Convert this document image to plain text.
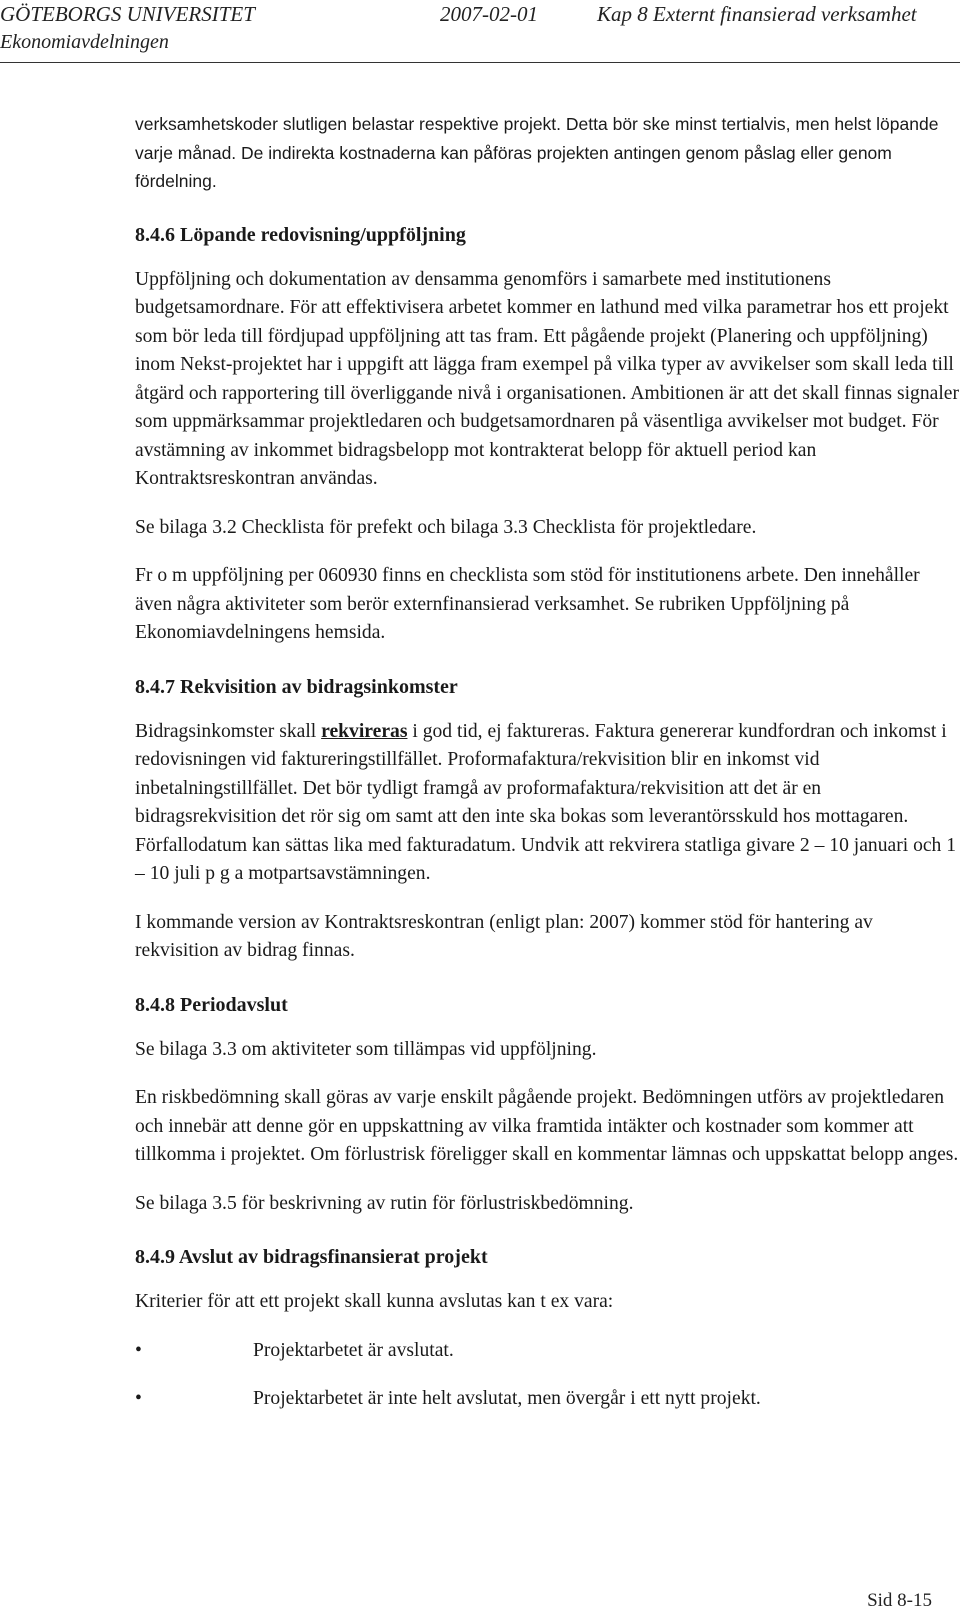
GÖTEBORGS UNIVERSITET	2007-02-01	Kap 8 Externt finansierad verksamhet
Ekonomiavdelningen

verksamhetskoder slutligen belastar respektive projekt. Detta bör ske minst tertialvis, men helst löpande varje månad. De indirekta kostnaderna kan påföras projekten antingen genom påslag eller genom fördelning.

8.4.6 Löpande redovisning/uppföljning

Uppföljning och dokumentation av densamma genomförs i samarbete med institutionens budgetsamordnare. För att effektivisera arbetet kommer en lathund med vilka parametrar hos ett projekt som bör leda till fördjupad uppföljning att tas fram. Ett pågående projekt (Planering och uppföljning) inom Nekst-projektet har i uppgift att lägga fram exempel på vilka typer av avvikelser som skall leda till åtgärd och rapportering till överliggande nivå i organisationen. Ambitionen är att det skall finnas signaler som uppmärksammar projektledaren och budgetsamordnaren på väsentliga avvikelser mot budget. För avstämning av inkommet bidragsbelopp mot kontrakterat belopp för aktuell period kan Kontraktsreskontran användas.

Se bilaga 3.2 Checklista för prefekt och bilaga 3.3 Checklista för projektledare.

Fr o m uppföljning per 060930 finns en checklista som stöd för institutionens arbete. Den innehåller även några aktiviteter som berör externfinansierad verksamhet. Se rubriken Uppföljning på Ekonomiavdelningens hemsida.

8.4.7 Rekvisition av bidragsinkomster

Bidragsinkomster skall rekvireras i god tid, ej faktureras. Faktura genererar kundfordran och inkomst i redovisningen vid faktureringstillfället. Proformafaktura/rekvisition blir en inkomst vid inbetalningstillfället. Det bör tydligt framgå av proformafaktura/rekvisition att det är en bidragsrekvisition det rör sig om samt att den inte ska bokas som leverantörsskuld hos mottagaren. Förfallodatum kan sättas lika med fakturadatum. Undvik att rekvirera statliga givare 2 – 10 januari och 1 – 10 juli p g a motpartsavstämningen.

I kommande version av Kontraktsreskontran (enligt plan: 2007) kommer stöd för hantering av rekvisition av bidrag finnas.

8.4.8 Periodavslut

Se bilaga 3.3 om aktiviteter som tillämpas vid uppföljning.

En riskbedömning skall göras av varje enskilt pågående projekt. Bedömningen utförs av projektledaren och innebär att denne gör en uppskattning av vilka framtida intäkter och kostnader som kommer att tillkomma i projektet. Om förlustrisk föreligger skall en kommentar lämnas och uppskattat belopp anges.

Se bilaga 3.5 för beskrivning av rutin för förlustriskbedömning.

8.4.9 Avslut av bidragsfinansierat projekt

Kriterier för att ett projekt skall kunna avslutas kan t ex vara:

•	Projektarbetet är avslutat.
•	Projektarbetet är inte helt avslutat, men övergår i ett nytt projekt.
Sid 8-15
